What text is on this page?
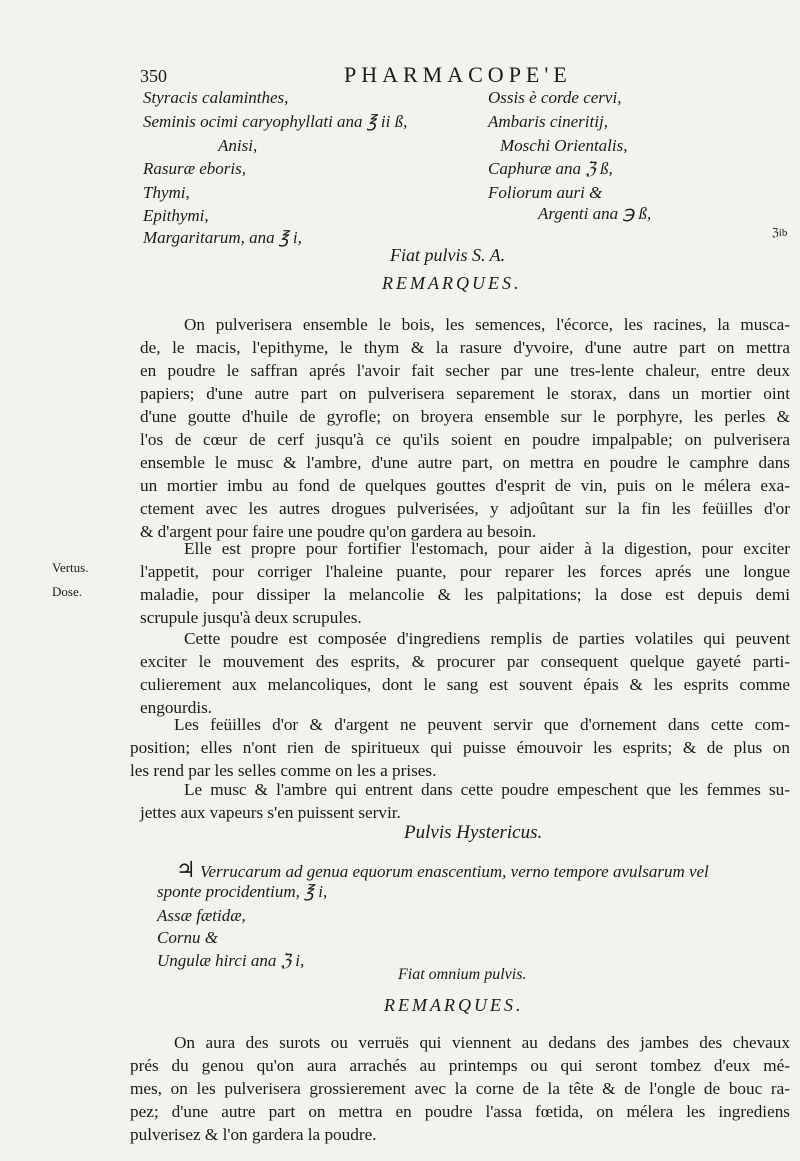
350	PHARMACOPE'E
Styracis calaminthes,
Seminis ocimi caryophyllati ana ℥ ii ß,
Anisi,
Rasuræ eboris,
Thymi,
Epithymi,
Margaritarum, ana ℥ i,
Ossis è corde cervi,
Ambaris cineritij,
Moschi Orientalis,
Caphuræ ana ℨ ß,
Foliorum auri &
Argenti ana ℈ ß,
ℨib
Fiat pulvis S. A.
REMARQUES.
On pulverisera ensemble le bois, les semences, l'écorce, les racines, la musca-
de, le macis, l'epithyme, le thym & la rasure d'yvoire, d'une autre part on mettra
en poudre le saffran aprés l'avoir fait secher par une tres-lente chaleur, entre deux
papiers; d'une autre part on pulverisera separement le storax, dans un mortier oint
d'une goutte d'huile de gyrofle; on broyera ensemble sur le porphyre, les perles &
l'os de cœur de cerf jusqu'à ce qu'ils soient en poudre impalpable; on pulverisera
ensemble le musc & l'ambre, d'une autre part, on mettra en poudre le camphre dans
un mortier imbu au fond de quelques gouttes d'esprit de vin, puis on le mélera exa-
ctement avec les autres drogues pulverisées, y adjoûtant sur la fin les feüilles d'or
& d'argent pour faire une poudre qu'on gardera au besoin.
Vertus.
Dose.
Elle est propre pour fortifier l'estomach, pour aider à la digestion, pour exciter
l'appetit, pour corriger l'haleine puante, pour reparer les forces aprés une longue
maladie, pour dissiper la melancolie & les palpitations; la dose est depuis demi
scrupule jusqu'à deux scrupules.
Cette poudre est composée d'ingrediens remplis de parties volatiles qui peuvent
exciter le mouvement des esprits, & procurer par consequent quelque gayeté parti-
culierement aux melancoliques, dont le sang est souvent épais & les esprits comme
engourdis.
Les feüilles d'or & d'argent ne peuvent servir que d'ornement dans cette com-
position; elles n'ont rien de spiritueux qui puisse émouvoir les esprits; & de plus on
les rend par les selles comme on les a prises.
Le musc & l'ambre qui entrent dans cette poudre empeschent que les femmes su-
jettes aux vapeurs s'en puissent servir.
Pulvis Hystericus.
♃ Verrucarum ad genua equorum enascentium, verno tempore avulsarum vel
sponte procidentium, ℥ i,
Assæ fætidæ,
Cornu &
Ungulæ hirci ana ℨ i,
Fiat omnium pulvis.
REMARQUES.
On aura des surots ou verruës qui viennent au dedans des jambes des chevaux
prés du genou qu'on aura arrachés au printemps ou qui seront tombez d'eux mé-
mes, on les pulverisera grossierement avec la corne de la tête & de l'ongle de bouc ra-
pez; d'une autre part on mettra en poudre l'assa fœtida, on mélera les ingrediens
pulverisez & l'on gardera la poudre.
